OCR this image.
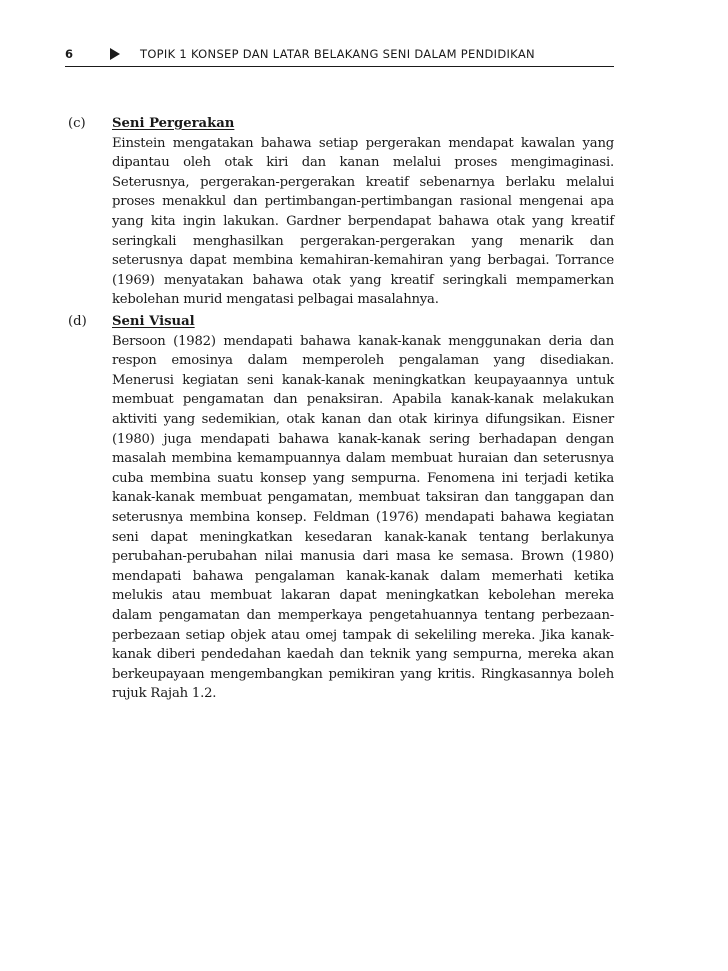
6	TOPIK 1 KONSEP DAN LATAR BELAKANG SENI DALAM PENDIDIKAN
(c) Seni Pergerakan
Einstein mengatakan bahawa setiap pergerakan mendapat kawalan yang dipantau oleh otak kiri dan kanan melalui proses mengimaginasi. Seterusnya, pergerakan-pergerakan kreatif sebenarnya berlaku melalui proses menakkul dan pertimbangan-pertimbangan rasional mengenai apa yang kita ingin lakukan. Gardner berpendapat bahawa otak yang kreatif seringkali menghasilkan pergerakan-pergerakan yang menarik dan seterusnya dapat membina kemahiran-kemahiran yang berbagai. Torrance (1969) menyatakan bahawa otak yang kreatif seringkali mempamerkan kebolehan murid mengatasi pelbagai masalahnya.
(d) Seni Visual
Bersoon (1982) mendapati bahawa kanak-kanak menggunakan deria dan respon emosinya dalam memperoleh pengalaman yang disediakan. Menerusi kegiatan seni kanak-kanak meningkatkan keupayaannya untuk membuat pengamatan dan penaksiran. Apabila kanak-kanak melakukan aktiviti yang sedemikian, otak kanan dan otak kirinya difungsikan. Eisner (1980) juga mendapati bahawa kanak-kanak sering berhadapan dengan masalah membina kemampuannya dalam membuat huraian dan seterusnya cuba membina suatu konsep yang sempurna. Fenomena ini terjadi ketika kanak-kanak membuat pengamatan, membuat taksiran dan tanggapan dan seterusnya membina konsep. Feldman (1976) mendapati bahawa kegiatan seni dapat meningkatkan kesedaran kanak-kanak tentang berlakunya perubahan-perubahan nilai manusia dari masa ke semasa. Brown (1980) mendapati bahawa pengalaman kanak-kanak dalam memerhati ketika melukis atau membuat lakaran dapat meningkatkan kebolehan mereka dalam pengamatan dan memperkaya pengetahuannya tentang perbezaan-perbezaan setiap objek atau omej tampak di sekeliling mereka. Jika kanak-kanak diberi pendedahan kaedah dan teknik yang sempurna, mereka akan berkeupayaan mengembangkan pemikiran yang kritis. Ringkasannya boleh rujuk Rajah 1.2.
